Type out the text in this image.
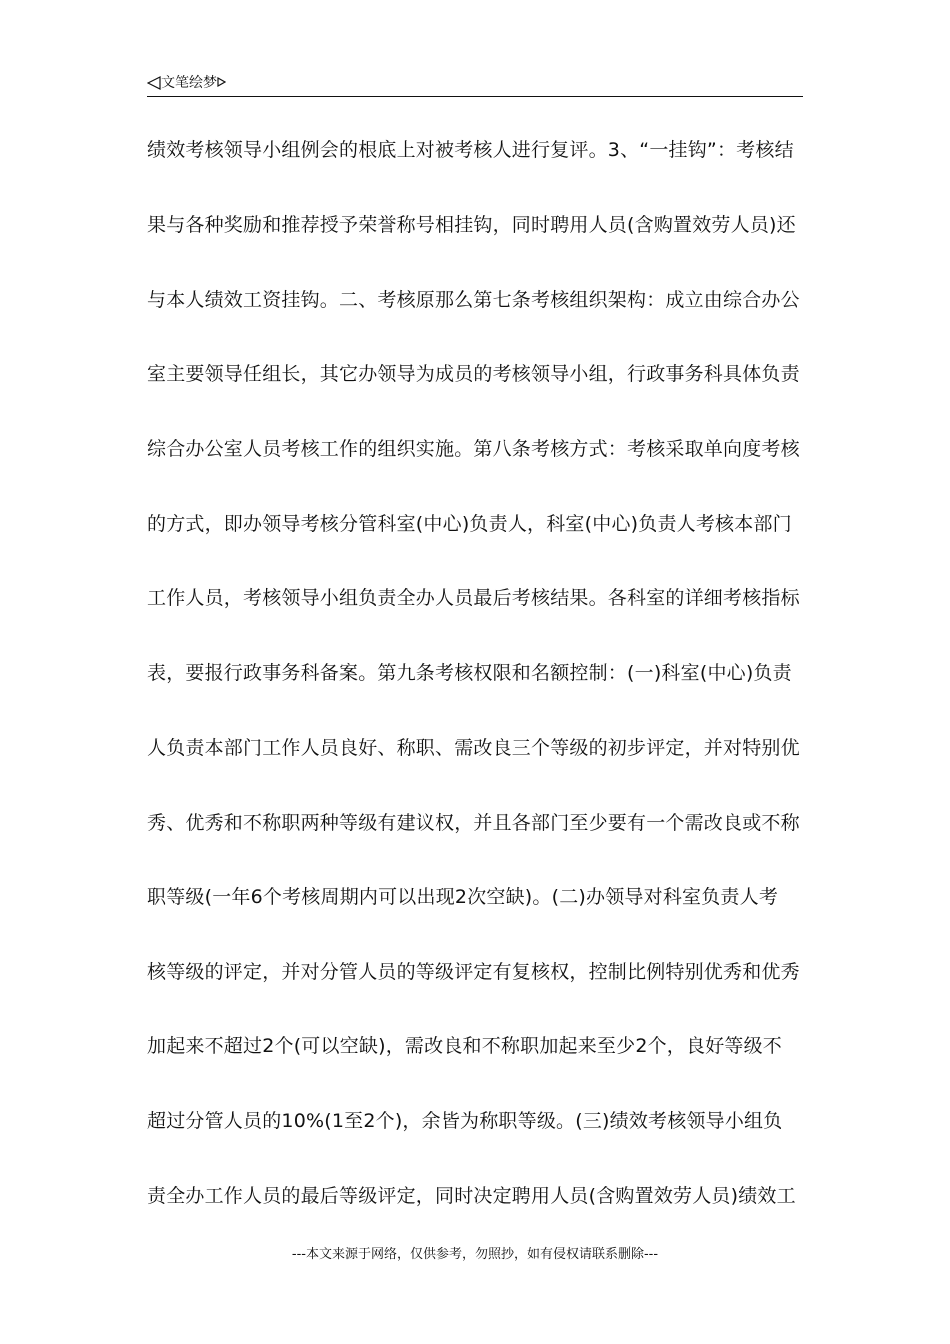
文笔绘梦
绩效考核领导小组例会的根底上对被考核人进行复评。3、“一挂钩”：考核结
果与各种奖励和推荐授予荣誉称号相挂钩，同时聘用人员(含购置效劳人员)还
与本人绩效工资挂钩。二、考核原那么第七条考核组织架构：成立由综合办公
室主要领导任组长，其它办领导为成员的考核领导小组，行政事务科具体负责
综合办公室人员考核工作的组织实施。第八条考核方式：考核采取单向度考核
的方式，即办领导考核分管科室(中心)负责人，科室(中心)负责人考核本部门
工作人员，考核领导小组负责全办人员最后考核结果。各科室的详细考核指标
表，要报行政事务科备案。第九条考核权限和名额控制：(一)科室(中心)负责
人负责本部门工作人员良好、称职、需改良三个等级的初步评定，并对特别优
秀、优秀和不称职两种等级有建议权，并且各部门至少要有一个需改良或不称
职等级(一年6个考核周期内可以出现2次空缺)。(二)办领导对科室负责人考
核等级的评定，并对分管人员的等级评定有复核权，控制比例特别优秀和优秀
加起来不超过2个(可以空缺)，需改良和不称职加起来至少2个，良好等级不
超过分管人员的10%(1至2个)，余皆为称职等级。(三)绩效考核领导小组负
责全办工作人员的最后等级评定，同时决定聘用人员(含购置效劳人员)绩效工
---本文来源于网络，仅供参考，勿照抄，如有侵权请联系删除---
